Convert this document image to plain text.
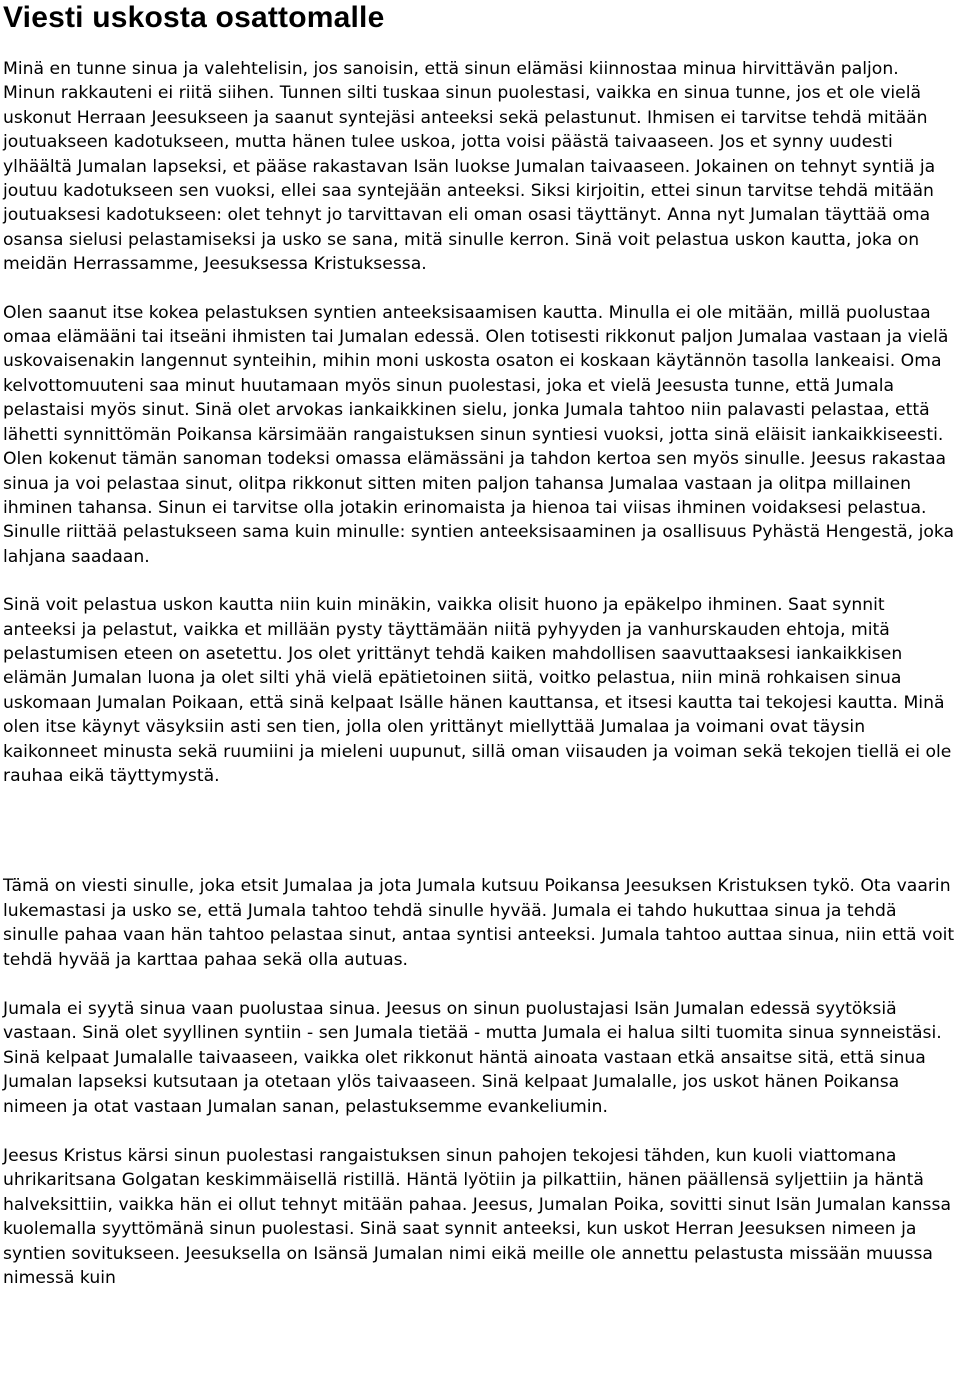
Viesti uskosta osattomalle

Minä en tunne sinua ja valehtelisin, jos sanoisin, että sinun elämäsi kiinnostaa minua hirvittävän paljon. Minun rakkauteni ei riitä siihen. Tunnen silti tuskaa sinun puolestasi, vaikka en sinua tunne, jos et ole vielä uskonut Herraan Jeesukseen ja saanut syntejäsi anteeksi sekä pelastunut. Ihmisen ei tarvitse tehdä mitään joutuakseen kadotukseen, mutta hänen tulee uskoa, jotta voisi päästä taivaaseen. Jos et synny uudesti ylhäältä Jumalan lapseksi, et pääse rakastavan Isän luokse Jumalan taivaaseen. Jokainen on tehnyt syntiä ja joutuu kadotukseen sen vuoksi, ellei saa syntejään anteeksi. Siksi kirjoitin, ettei sinun tarvitse tehdä mitään joutuaksesi kadotukseen: olet tehnyt jo tarvittavan eli oman osasi täyttänyt. Anna nyt Jumalan täyttää oma osansa sielusi pelastamiseksi ja usko se sana, mitä sinulle kerron. Sinä voit pelastua uskon kautta, joka on meidän Herrassamme, Jeesuksessa Kristuksessa.

Olen saanut itse kokea pelastuksen syntien anteeksisaamisen kautta. Minulla ei ole mitään, millä puolustaa omaa elämääni tai itseäni ihmisten tai Jumalan edessä. Olen totisesti rikkonut paljon Jumalaa vastaan ja vielä uskovaisenakin langennut synteihin, mihin moni uskosta osaton ei koskaan käytännön tasolla lankeaisi. Oma kelvottomuuteni saa minut huutamaan myös sinun puolestasi, joka et vielä Jeesusta tunne, että Jumala pelastaisi myös sinut. Sinä olet arvokas iankaikkinen sielu, jonka Jumala tahtoo niin palavasti pelastaa, että lähetti synnittömän Poikansa kärsimään rangaistuksen sinun syntiesi vuoksi, jotta sinä eläisit iankaikkiseesti. Olen kokenut tämän sanoman todeksi omassa elämässäni ja tahdon kertoa sen myös sinulle. Jeesus rakastaa sinua ja voi pelastaa sinut, olitpa rikkonut sitten miten paljon tahansa Jumalaa vastaan ja olitpa millainen ihminen tahansa. Sinun ei tarvitse olla jotakin erinomaista ja hienoa tai viisas ihminen voidaksesi pelastua. Sinulle riittää pelastukseen sama kuin minulle: syntien anteeksisaaminen ja osallisuus Pyhästä Hengestä, joka lahjana saadaan.

Sinä voit pelastua uskon kautta niin kuin minäkin, vaikka olisit huono ja epäkelpo ihminen. Saat synnit anteeksi ja pelastut, vaikka et millään pysty täyttämään niitä pyhyyden ja vanhurskauden ehtoja, mitä pelastumisen eteen on asetettu. Jos olet yrittänyt tehdä kaiken mahdollisen saavuttaaksesi iankaikkisen elämän Jumalan luona ja olet silti yhä vielä epätietoinen siitä, voitko pelastua, niin minä rohkaisen sinua uskomaan Jumalan Poikaan, että sinä kelpaat Isälle hänen kauttansa, et itsesi kautta tai tekojesi kautta. Minä olen itse käynyt väsyksiin asti sen tien, jolla olen yrittänyt miellyttää Jumalaa ja voimani ovat täysin kaikonneet minusta sekä ruumiini ja mieleni uupunut, sillä oman viisauden ja voiman sekä tekojen tiellä ei ole rauhaa eikä täyttymystä.

Tämä on viesti sinulle, joka etsit Jumalaa ja jota Jumala kutsuu Poikansa Jeesuksen Kristuksen tykö. Ota vaarin lukemastasi ja usko se, että Jumala tahtoo tehdä sinulle hyvää. Jumala ei tahdo hukuttaa sinua ja tehdä sinulle pahaa vaan hän tahtoo pelastaa sinut, antaa syntisi anteeksi. Jumala tahtoo auttaa sinua, niin että voit tehdä hyvää ja karttaa pahaa sekä olla autuas.

Jumala ei syytä sinua vaan puolustaa sinua. Jeesus on sinun puolustajasi Isän Jumalan edessä syytöksiä vastaan. Sinä olet syyllinen syntiin - sen Jumala tietää - mutta Jumala ei halua silti tuomita sinua synneistäsi. Sinä kelpaat Jumalalle taivaaseen, vaikka olet rikkonut häntä ainoata vastaan etkä ansaitse sitä, että sinua Jumalan lapseksi kutsutaan ja otetaan ylös taivaaseen. Sinä kelpaat Jumalalle, jos uskot hänen Poikansa nimeen ja otat vastaan Jumalan sanan, pelastuksemme evankeliumin.

Jeesus Kristus kärsi sinun puolestasi rangaistuksen sinun pahojen tekojesi tähden, kun kuoli viattomana uhrikaritsana Golgatan keskimmäisellä ristillä. Häntä lyötiin ja pilkattiin, hänen päällensä syljettiin ja häntä halveksittiin, vaikka hän ei ollut tehnyt mitään pahaa. Jeesus, Jumalan Poika, sovitti sinut Isän Jumalan kanssa kuolemalla syyttömänä sinun puolestasi. Sinä saat synnit anteeksi, kun uskot Herran Jeesuksen nimeen ja syntien sovitukseen. Jeesuksella on Isänsä Jumalan nimi eikä meille ole annettu pelastusta missään muussa nimessä kuin
